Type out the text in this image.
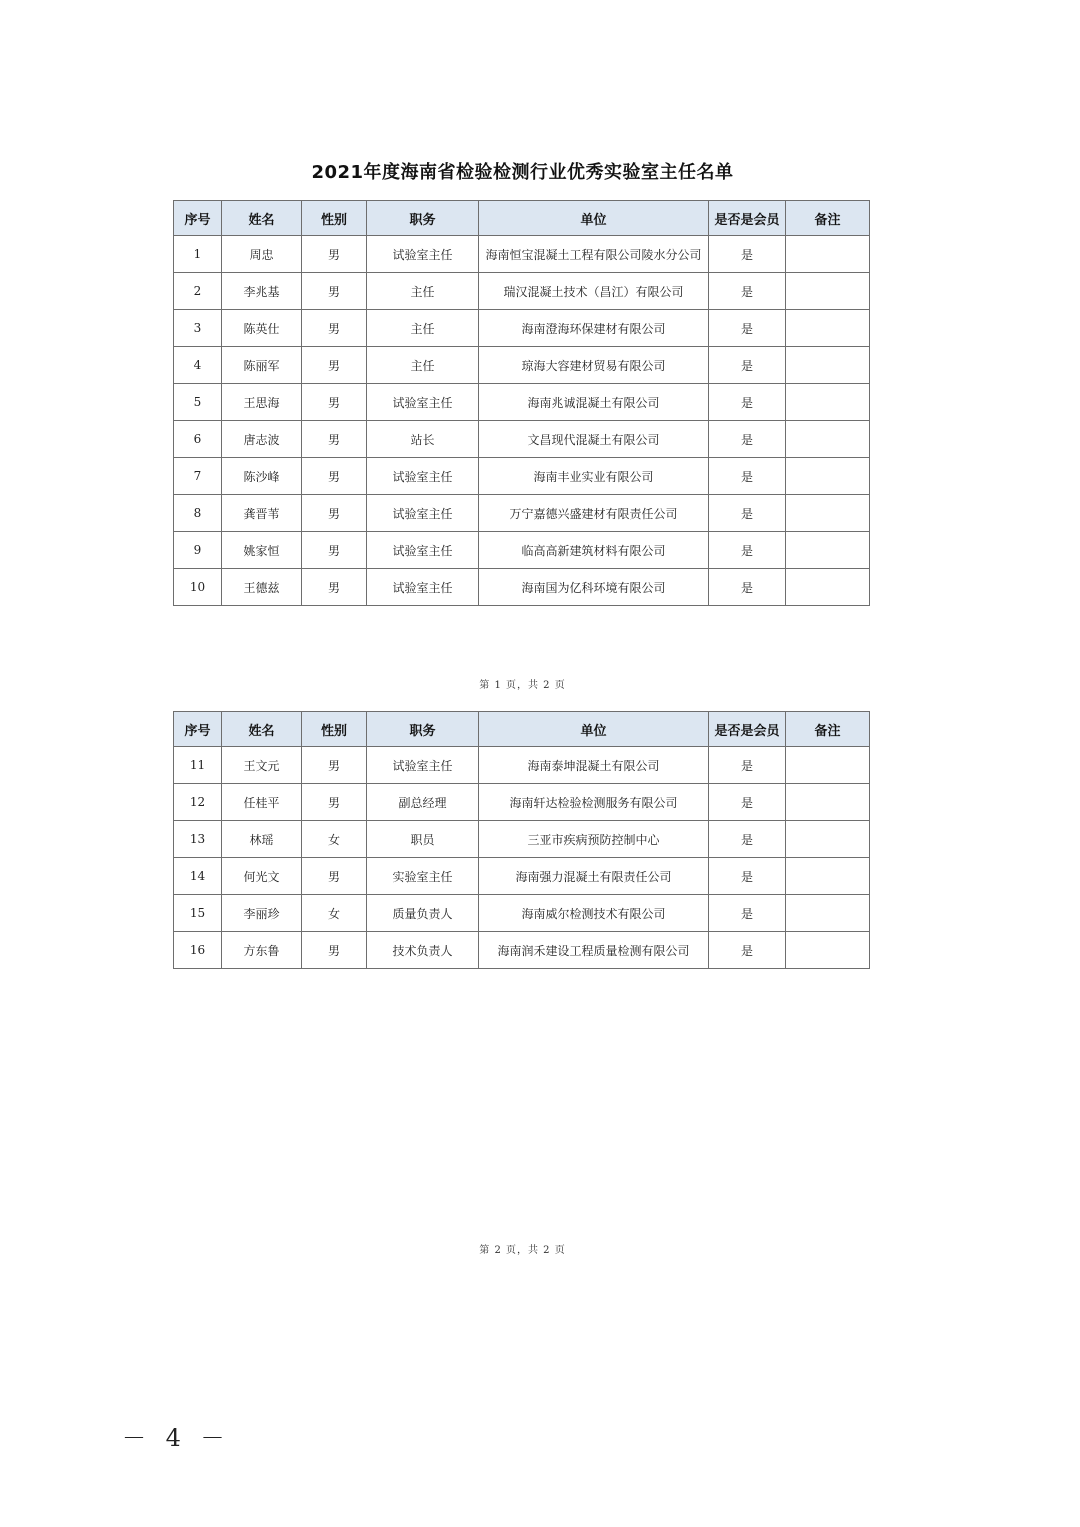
2021年度海南省检验检测行业优秀实验室主任名单
序号	姓名	性别	职务	单位	是否是会员	备注
1	周忠	男	试验室主任	海南恒宝混凝土工程有限公司陵水分公司	是	
2	李兆基	男	主任	瑞汉混凝土技术（昌江）有限公司	是	
3	陈英仕	男	主任	海南澄海环保建材有限公司	是	
4	陈丽军	男	主任	琼海大容建材贸易有限公司	是	
5	王思海	男	试验室主任	海南兆诚混凝土有限公司	是	
6	唐志波	男	站长	文昌现代混凝土有限公司	是	
7	陈沙峰	男	试验室主任	海南丰业实业有限公司	是	
8	龚晋苇	男	试验室主任	万宁嘉德兴盛建材有限责任公司	是	
9	姚家恒	男	试验室主任	临高高新建筑材料有限公司	是	
10	王德兹	男	试验室主任	海南国为亿科环境有限公司	是	
第 1 页，共 2 页
序号	姓名	性别	职务	单位	是否是会员	备注
11	王文元	男	试验室主任	海南泰坤混凝土有限公司	是	
12	任桂平	男	副总经理	海南轩达检验检测服务有限公司	是	
13	林瑶	女	职员	三亚市疾病预防控制中心	是	
14	何光文	男	实验室主任	海南强力混凝土有限责任公司	是	
15	李丽珍	女	质量负责人	海南威尔检测技术有限公司	是	
16	方东鲁	男	技术负责人	海南润禾建设工程质量检测有限公司	是	
第 2 页，共 2 页
－ 4 －
